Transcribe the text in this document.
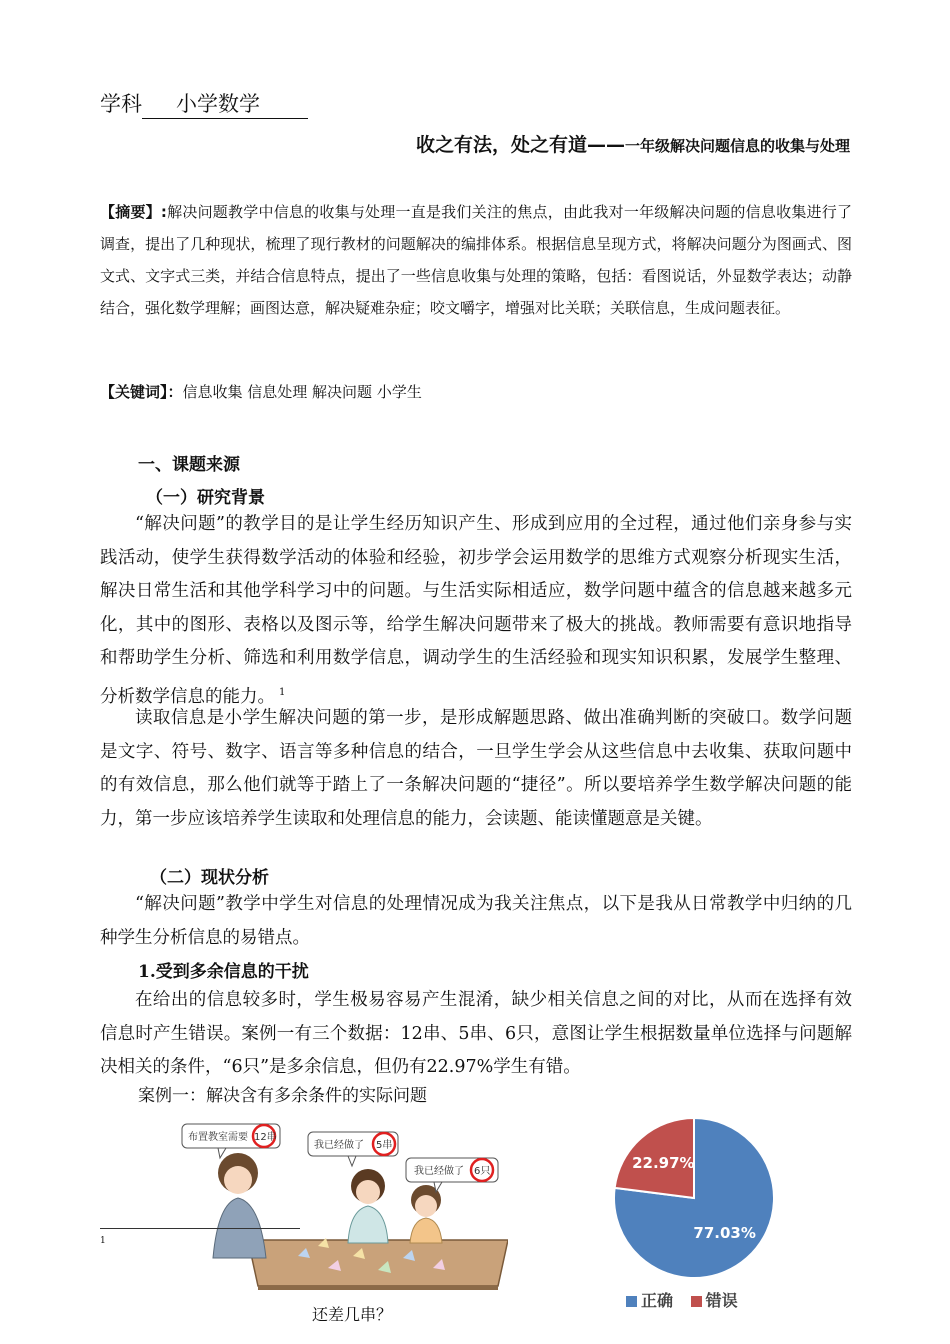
学科 小学数学
收之有法，处之有道——一年级解决问题信息的收集与处理
【摘要】:解决问题教学中信息的收集与处理一直是我们关注的焦点，由此我对一年级解决问题的信息收集进行了调查，提出了几种现状，梳理了现行教材的问题解决的编排体系。根据信息呈现方式，将解决问题分为图画式、图文式、文字式三类，并结合信息特点，提出了一些信息收集与处理的策略，包括：看图说话，外显数学表达；动静结合，强化数学理解；画图达意，解决疑难杂症；咬文嚼字，增强对比关联；关联信息，生成问题表征。
【关键词】：信息收集 信息处理 解决问题 小学生
一、课题来源
（一）研究背景
“解决问题”的教学目的是让学生经历知识产生、形成到应用的全过程，通过他们亲身参与实践活动，使学生获得数学活动的体验和经验，初步学会运用数学的思维方式观察分析现实生活，解决日常生活和其他学科学习中的问题。与生活实际相适应，数学问题中蕴含的信息越来越多元化，其中的图形、表格以及图示等，给学生解决问题带来了极大的挑战。教师需要有意识地指导和帮助学生分析、筛选和利用数学信息，调动学生的生活经验和现实知识积累，发展学生整理、分析数学信息的能力。 $^1$
读取信息是小学生解决问题的第一步，是形成解题思路、做出准确判断的突破口。数学问题是文字、符号、数字、语言等多种信息的结合，一旦学生学会从这些信息中去收集、获取问题中的有效信息，那么他们就等于踏上了一条解决问题的“捷径”。所以要培养学生数学解决问题的能力，第一步应该培养学生读取和处理信息的能力，会读题、能读懂题意是关键。
（二）现状分析
“解决问题”教学中学生对信息的处理情况成为我关注焦点，以下是我从日常教学中归纳的几种学生分析信息的易错点。
1.受到多余信息的干扰
在给出的信息较多时，学生极易容易产生混淆，缺少相关信息之间的对比，从而在选择有效信息时产生错误。案例一有三个数据：12串、5串、6只，意图让学生根据数量单位选择与问题解决相关的条件，“6只”是多余信息，但仍有22.97%学生有错。
案例一：解决含有多余条件的实际问题
布置教室需要 12串
我已经做了 5串
我已经做了 6只
1
还差几串？
77.03%
22.97%
正确 错误
